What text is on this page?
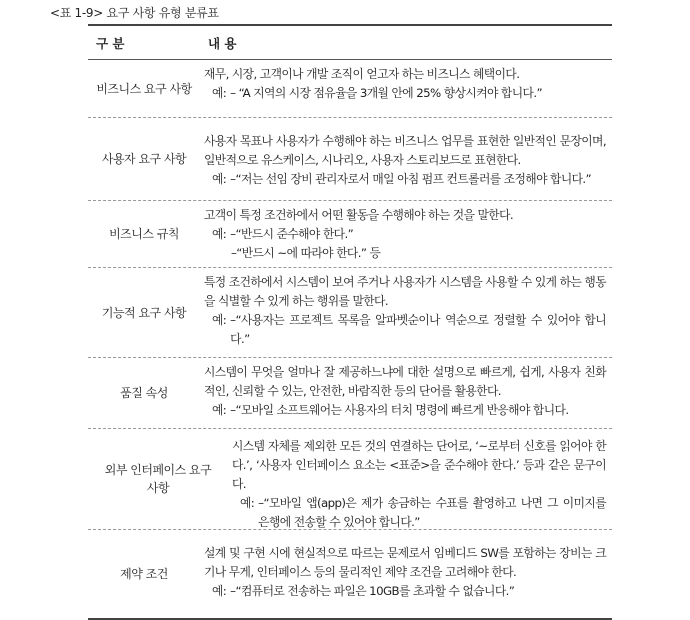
<표 1-9> 요구 사항 유형 분류표
구 분	내 용
비즈니스 요구 사항
재무, 시장, 고객이나 개발 조직이 얻고자 하는 비즈니스 혜택이다.
예: – “A 지역의 시장 점유율을 3개월 안에 25% 향상시켜야 합니다.”
사용자 요구 사항
사용자 목표나 사용자가 수행해야 하는 비즈니스 업무를 표현한 일반적인 문장이며, 일반적으로 유스케이스, 시나리오, 사용자 스토리보드로 표현한다.
예: –“저는 선임 장비 관리자로서 매일 아침 펌프 컨트롤러를 조정해야 합니다.”
비즈니스 규칙
고객이 특정 조건하에서 어떤 활동을 수행해야 하는 것을 말한다.
예: –“반드시 준수해야 한다.”
–“반드시 ~에 따라야 한다.” 등
기능적 요구 사항
특정 조건하에서 시스템이 보여 주거나 사용자가 시스템을 사용할 수 있게 하는 행동을 식별할 수 있게 하는 행위를 말한다.
예: –“사용자는 프로젝트 목록을 알파벳순이나 역순으로 정렬할 수 있어야 합니다.”
품질 속성
시스템이 무엇을 얼마나 잘 제공하느냐에 대한 설명으로 빠르게, 쉽게, 사용자 친화적인, 신뢰할 수 있는, 안전한, 바람직한 등의 단어를 활용한다.
예: –“모바일 소프트웨어는 사용자의 터치 명령에 빠르게 반응해야 합니다.
외부 인터페이스 요구 사항
시스템 자체를 제외한 모든 것의 연결하는 단어로, ‘~로부터 신호를 읽어야 한다.’, ‘사용자 인터페이스 요소는 <표준>을 준수해야 한다.’ 등과 같은 문구이다.
예: –“모바일 앱(app)은 제가 송금하는 수표를 촬영하고 나면 그 이미지를 은행에 전송할 수 있어야 합니다.”
제약 조건
설계 및 구현 시에 현실적으로 따르는 문제로서 임베디드 SW를 포함하는 장비는 크기나 무게, 인터페이스 등의 물리적인 제약 조건을 고려해야 한다.
예: –“컴퓨터로 전송하는 파일은 10GB를 초과할 수 없습니다.”
